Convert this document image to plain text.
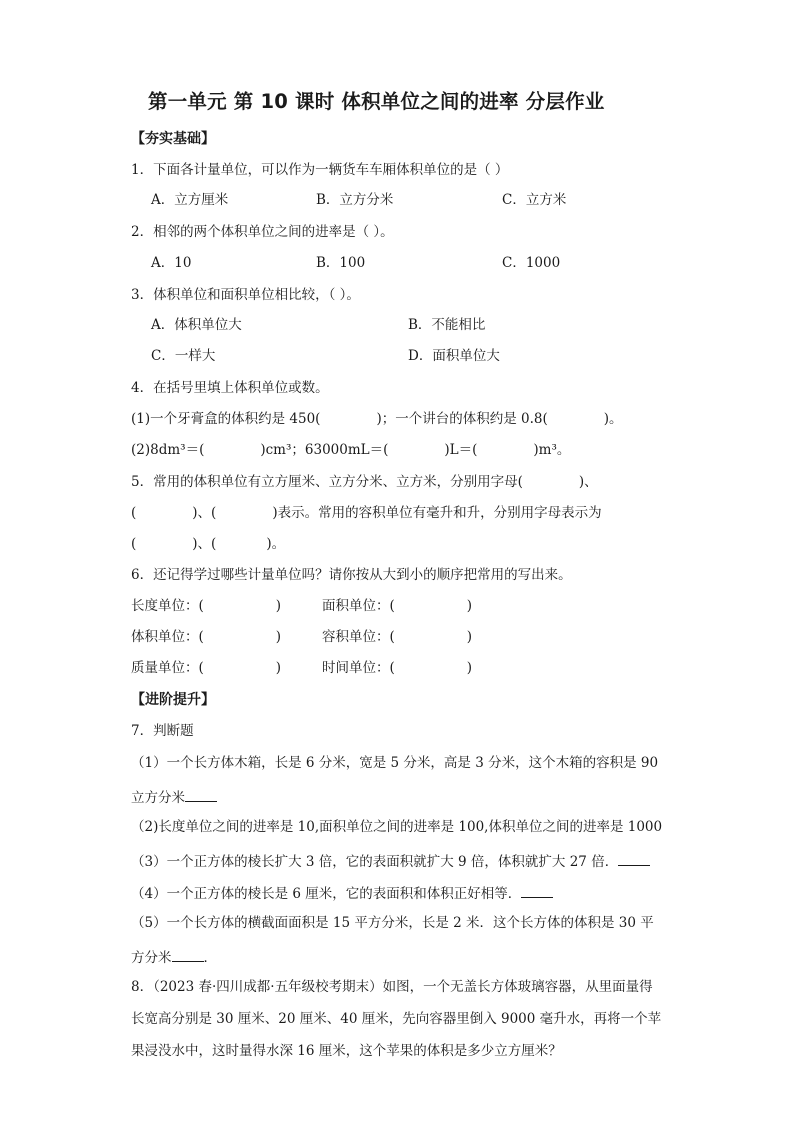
第一单元 第 10 课时 体积单位之间的进率 分层作业
【夯实基础】
1．下面各计量单位，可以作为一辆货车车厢体积单位的是（ ）
A．立方厘米	B．立方分米	C．立方米
2．相邻的两个体积单位之间的进率是（ ）。
A．10	B．100	C．1000
3．体积单位和面积单位相比较，（ ）。
A．体积单位大	B．不能相比
C．一样大	D．面积单位大
4．在括号里填上体积单位或数。
(1)一个牙膏盒的体积约是 450(	)；一个讲台的体积约是 0.8(	)。
(2)8dm³＝(	)cm³；63000mL＝(	)L＝(	)m³。
5．常用的体积单位有立方厘米、立方分米、立方米，分别用字母(	)、
(	)、(	)表示。常用的容积单位有毫升和升，分别用字母表示为
(	)、(	)。
6．还记得学过哪些计量单位吗？请你按从大到小的顺序把常用的写出来。
长度单位：(	)	面积单位：(	)
体积单位：(	)	容积单位：(	)
质量单位：(	)	时间单位：(	)
【进阶提升】
7．判断题
（1）一个长方体木箱，长是 6 分米，宽是 5 分米，高是 3 分米，这个木箱的容积是 90
立方分米
（2)长度单位之间的进率是 10,面积单位之间的进率是 100,体积单位之间的进率是 1000
（3）一个正方体的棱长扩大 3 倍，它的表面积就扩大 9 倍，体积就扩大 27 倍．
（4）一个正方体的棱长是 6 厘米，它的表面积和体积正好相等．
（5）一个长方体的横截面面积是 15 平方分米，长是 2 米．这个长方体的体积是 30 平
方分米 ．
8．（2023 春·四川成都·五年级校考期末）如图，一个无盖长方体玻璃容器，从里面量得
长宽高分别是 30 厘米、20 厘米、40 厘米，先向容器里倒入 9000 毫升水，再将一个苹
果浸没水中，这时量得水深 16 厘米，这个苹果的体积是多少立方厘米？
